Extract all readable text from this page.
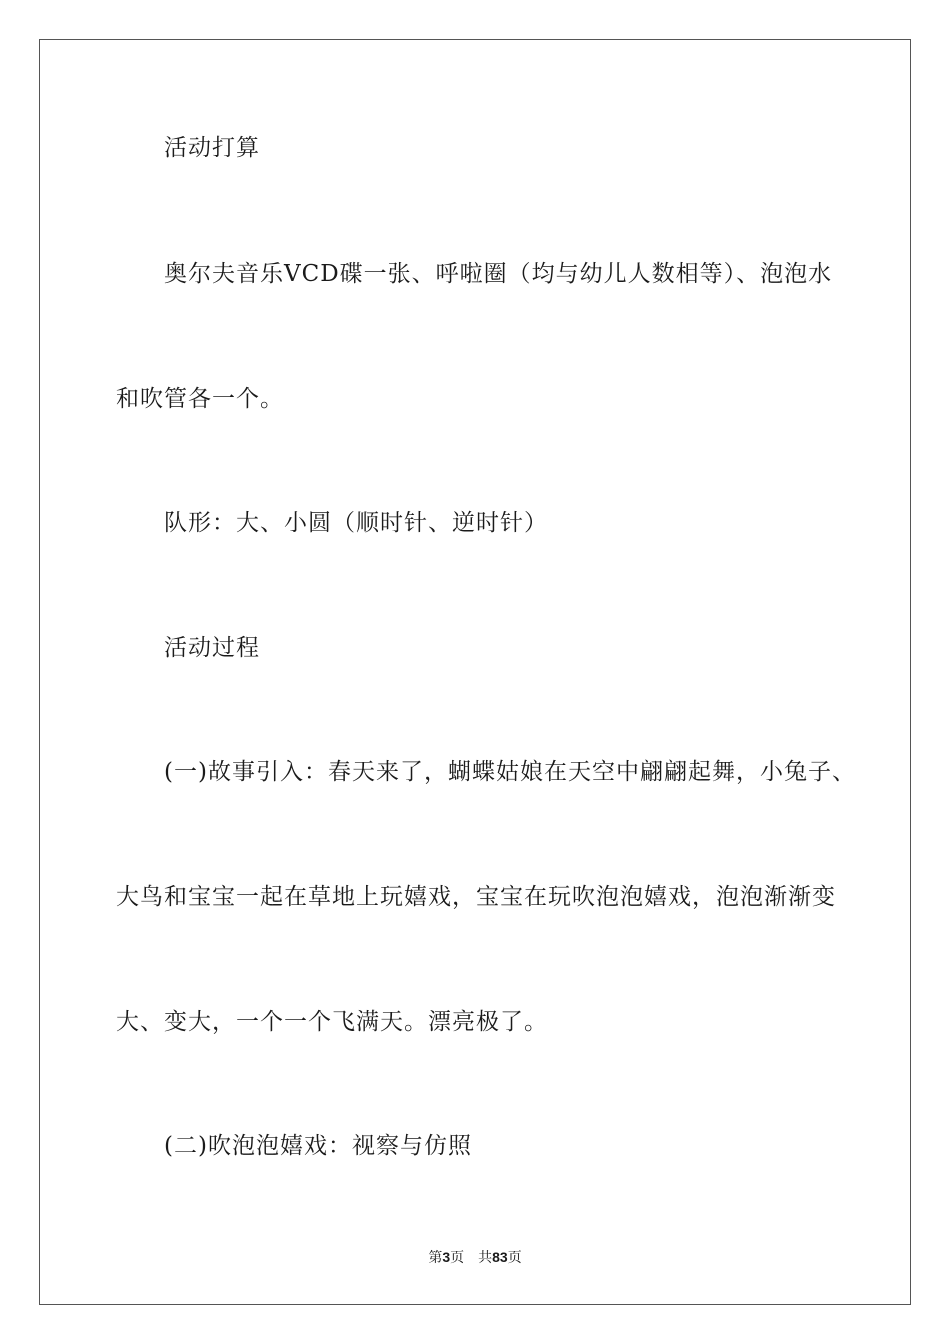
活动打算
奥尔夫音乐VCD碟一张、呼啦圈（均与幼儿人数相等）、泡泡水
和吹管各一个。
队形：大、小圆（顺时针、逆时针）
活动过程
(一)故事引入：春天来了，蝴蝶姑娘在天空中翩翩起舞，小兔子、
大鸟和宝宝一起在草地上玩嬉戏，宝宝在玩吹泡泡嬉戏，泡泡渐渐变
大、变大，一个一个飞满天。漂亮极了。
(二)吹泡泡嬉戏：视察与仿照
第3页 共83页
